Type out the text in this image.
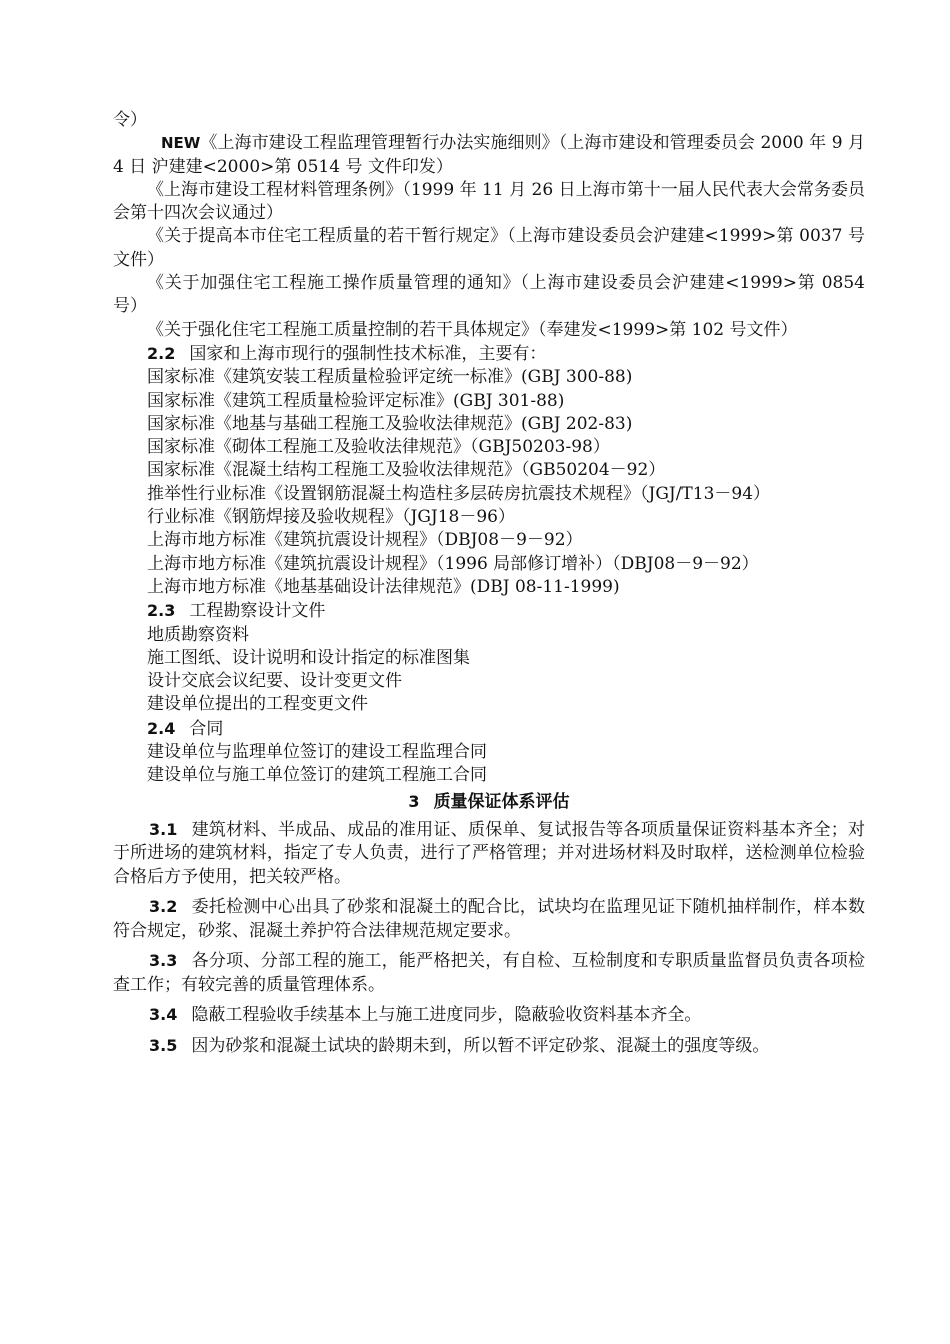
令）
NEW《上海市建设工程监理管理暂行办法实施细则》（上海市建设和管理委员会 2000 年 9 月 4 日 沪建建<2000>第 0514 号 文件印发）
《上海市建设工程材料管理条例》（1999 年 11 月 26 日上海市第十一届人民代表大会常务委员会第十四次会议通过）
《关于提高本市住宅工程质量的若干暂行规定》（上海市建设委员会沪建建<1999>第 0037 号文件）
《关于加强住宅工程施工操作质量管理的通知》（上海市建设委员会沪建建<1999>第 0854 号）
《关于强化住宅工程施工质量控制的若干具体规定》（奉建发<1999>第 102 号文件）
2.2 国家和上海市现行的强制性技术标准，主要有：
国家标准《建筑安装工程质量检验评定统一标准》(GBJ 300-88)
国家标准《建筑工程质量检验评定标准》(GBJ 301-88)
国家标准《地基与基础工程施工及验收法律规范》(GBJ 202-83)
国家标准《砌体工程施工及验收法律规范》（GBJ50203-98）
国家标准《混凝土结构工程施工及验收法律规范》（GB50204－92）
推举性行业标准《设置钢筋混凝土构造柱多层砖房抗震技术规程》（JGJ/T13－94）
行业标准《钢筋焊接及验收规程》（JGJ18－96）
上海市地方标准《建筑抗震设计规程》（DBJ08－9－92）
上海市地方标准《建筑抗震设计规程》（1996 局部修订增补）（DBJ08－9－92）
上海市地方标准《地基基础设计法律规范》(DBJ 08-11-1999)
2.3 工程勘察设计文件
地质勘察资料
施工图纸、设计说明和设计指定的标准图集
设计交底会议纪要、设计变更文件
建设单位提出的工程变更文件
2.4 合同
建设单位与监理单位签订的建设工程监理合同
建设单位与施工单位签订的建筑工程施工合同
3 质量保证体系评估
3.1 建筑材料、半成品、成品的准用证、质保单、复试报告等各项质量保证资料基本齐全；对于所进场的建筑材料，指定了专人负责，进行了严格管理；并对进场材料及时取样，送检测单位检验合格后方予使用，把关较严格。
3.2 委托检测中心出具了砂浆和混凝土的配合比，试块均在监理见证下随机抽样制作，样本数符合规定，砂浆、混凝土养护符合法律规范规定要求。
3.3 各分项、分部工程的施工，能严格把关，有自检、互检制度和专职质量监督员负责各项检查工作；有较完善的质量管理体系。
3.4 隐蔽工程验收手续基本上与施工进度同步，隐蔽验收资料基本齐全。
3.5 因为砂浆和混凝土试块的龄期未到，所以暂不评定砂浆、混凝土的强度等级。
